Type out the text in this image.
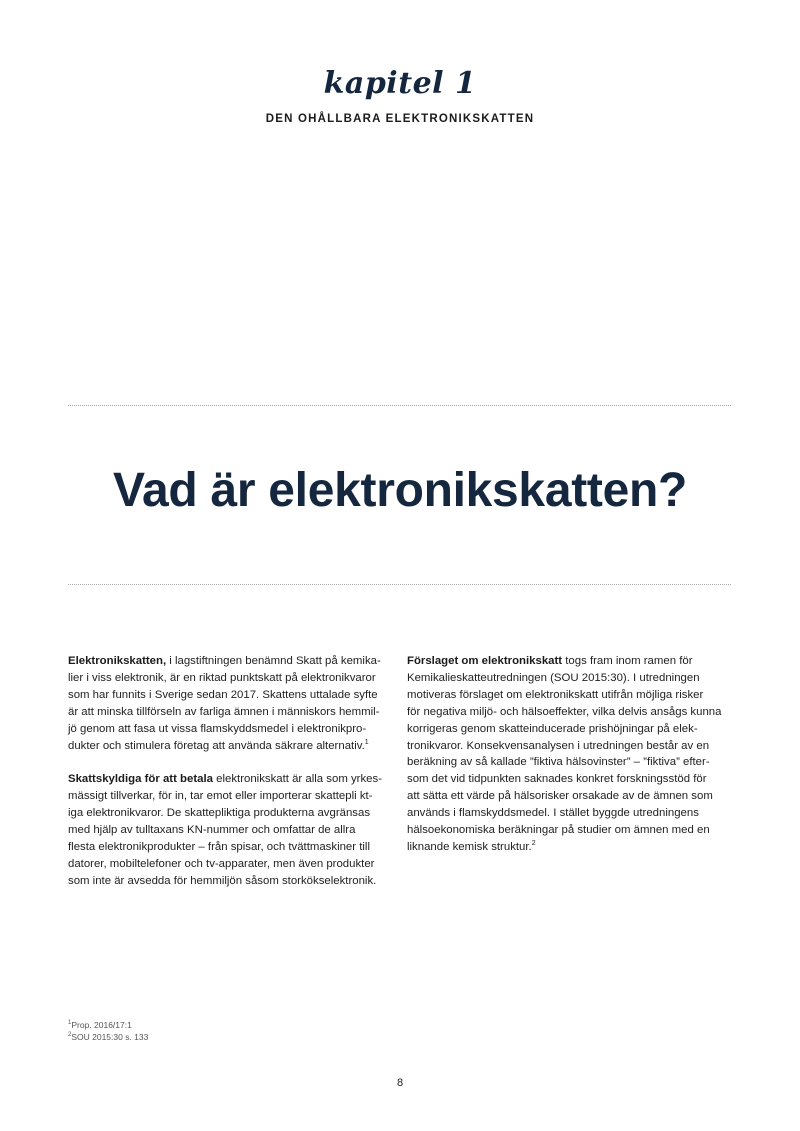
kapitel 1
DEN OHÅLLBARA ELEKTRONIKSKATTEN
Vad är elektronikskatten?

Elektronikskatten, i lagstiftningen benämnd Skatt på kemika-
lier i viss elektronik, är en riktad punktskatt på elektronikvaror
som har funnits i Sverige sedan 2017. Skattens uttalade syfte
är att minska tillförseln av farliga ämnen i människors hemmil-
jö genom att fasa ut vissa flamskyddsmedel i elektronikpro-
dukter och stimulera företag att använda säkrare alternativ.$^1$

Skattskyldiga för att betala elektronikskatt är alla som yrkes-
mässigt tillverkar, för in, tar emot eller importerar skattepli kt-
iga elektronikvaror. De skattepliktiga produkterna avgränsas
med hjälp av tulltaxans KN-nummer och omfattar de allra
flesta elektronikprodukter – från spisar, och tvättmaskiner till
datorer, mobiltelefoner och tv-apparater, men även produkter
som inte är avsedda för hemmiljön såsom storkökselektronik.

Förslaget om elektronikskatt togs fram inom ramen för
Kemikalieskatteutredningen (SOU 2015:30). I utredningen
motiveras förslaget om elektronikskatt utifrån möjliga risker
för negativa miljö- och hälsoeffekter, vilka delvis ansågs kunna
korrigeras genom skatteinducerade prishöjningar på elek-
tronikvaror. Konsekvensanalysen i utredningen består av en
beräkning av så kallade ”fiktiva hälsovinster” – ”fiktiva” efter-
som det vid tidpunkten saknades konkret forskningsstöd för
att sätta ett värde på hälsorisker orsakade av de ämnen som
används i flamskyddsmedel. I stället byggde utredningens
hälsoekonomiska beräkningar på studier om ämnen med en
liknande kemisk struktur.$^2$

$^1$Prop. 2016/17:1
$^2$SOU 2015:30 s. 133
8
